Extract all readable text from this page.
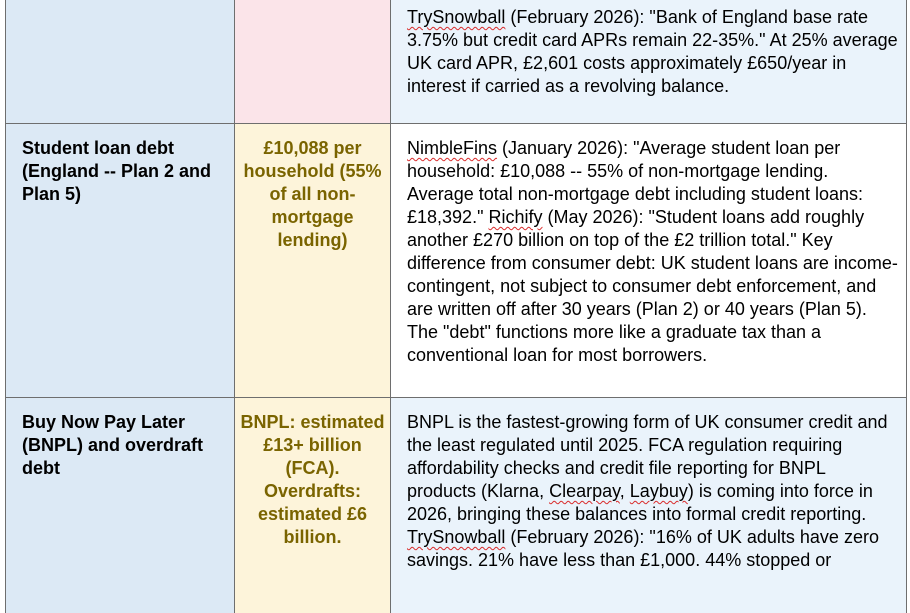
		TrySnowball (February 2026): "Bank of England base rate 3.75% but credit card APRs remain 22-35%." At 25% average UK card APR, £2,601 costs approximately £650/year in interest if carried as a revolving balance.
Student loan debt (England -- Plan 2 and Plan 5)	£10,088 per household (55% of all non-mortgage lending)	NimbleFins (January 2026): "Average student loan per household: £10,088 -- 55% of non-mortgage lending. Average total non-mortgage debt including student loans: £18,392." Richify (May 2026): "Student loans add roughly another £270 billion on top of the £2 trillion total." Key difference from consumer debt: UK student loans are income-contingent, not subject to consumer debt enforcement, and are written off after 30 years (Plan 2) or 40 years (Plan 5). The "debt" functions more like a graduate tax than a conventional loan for most borrowers.
Buy Now Pay Later (BNPL) and overdraft debt	BNPL: estimated £13+ billion (FCA). Overdrafts: estimated £6 billion.	BNPL is the fastest-growing form of UK consumer credit and the least regulated until 2025. FCA regulation requiring affordability checks and credit file reporting for BNPL products (Klarna, Clearpay, Laybuy) is coming into force in 2026, bringing these balances into formal credit reporting. TrySnowball (February 2026): "16% of UK adults have zero savings. 21% have less than £1,000. 44% stopped or
